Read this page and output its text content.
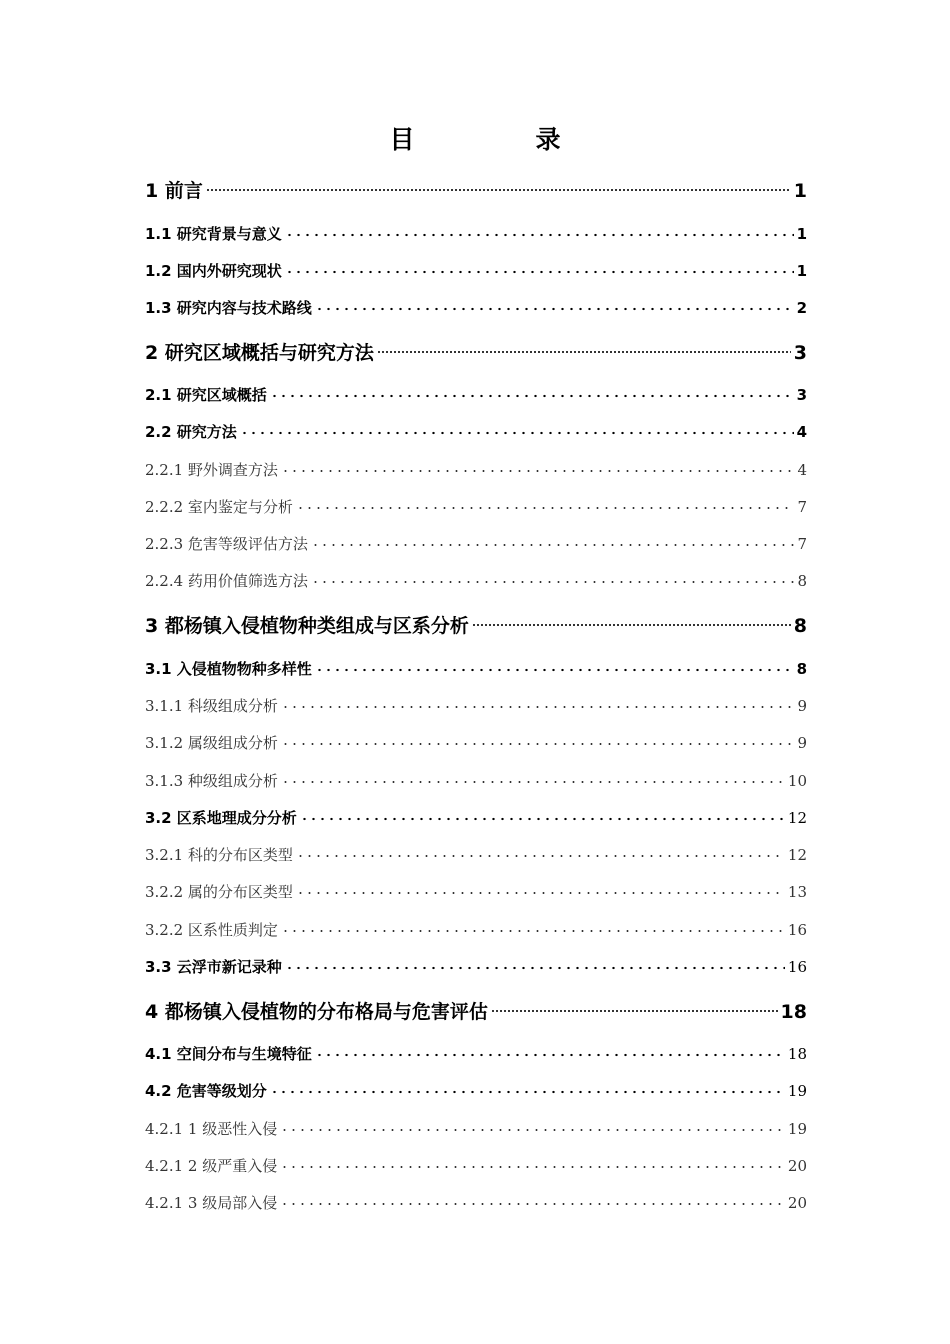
目　录
1 前言	1
1.1 研究背景与意义	1
1.2 国内外研究现状	1
1.3 研究内容与技术路线	2
2 研究区域概括与研究方法	3
2.1 研究区域概括	3
2.2 研究方法	4
2.2.1 野外调查方法	4
2.2.2 室内鉴定与分析	7
2.2.3 危害等级评估方法	7
2.2.4 药用价值筛选方法	8
3 都杨镇入侵植物种类组成与区系分析	8
3.1 入侵植物物种多样性	8
3.1.1 科级组成分析	9
3.1.2 属级组成分析	9
3.1.3 种级组成分析	10
3.2 区系地理成分分析	12
3.2.1 科的分布区类型	12
3.2.2 属的分布区类型	13
3.2.2 区系性质判定	16
3.3 云浮市新记录种	16
4 都杨镇入侵植物的分布格局与危害评估	18
4.1 空间分布与生境特征	18
4.2 危害等级划分	19
4.2.1 1 级恶性入侵	19
4.2.1 2 级严重入侵	20
4.2.1 3 级局部入侵	20
